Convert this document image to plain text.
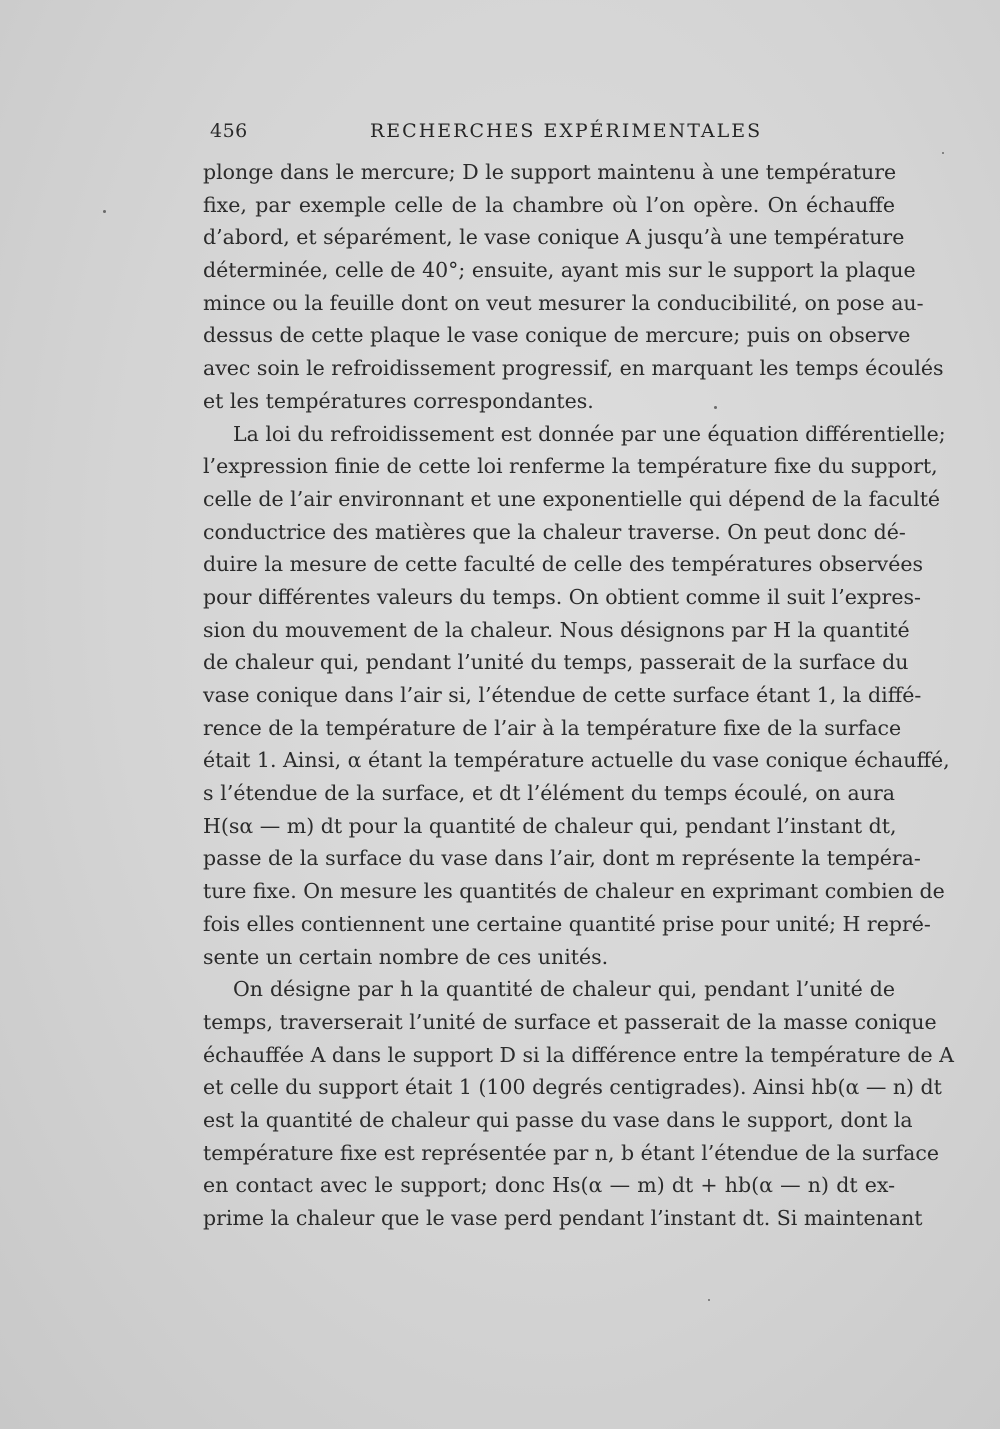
456	RECHERCHES EXPÉRIMENTALES
plonge dans le mercure; D le support maintenu à une température
fixe, par exemple celle de la chambre où l’on opère. On échauffe
d’abord, et séparément, le vase conique A jusqu’à une température
déterminée, celle de 40°; ensuite, ayant mis sur le support la plaque
mince ou la feuille dont on veut mesurer la conducibilité, on pose au-
dessus de cette plaque le vase conique de mercure; puis on observe
avec soin le refroidissement progressif, en marquant les temps écoulés
et les températures correspondantes.
La loi du refroidissement est donnée par une équation différentielle;
l’expression finie de cette loi renferme la température fixe du support,
celle de l’air environnant et une exponentielle qui dépend de la faculté
conductrice des matières que la chaleur traverse. On peut donc dé-
duire la mesure de cette faculté de celle des températures observées
pour différentes valeurs du temps. On obtient comme il suit l’expres-
sion du mouvement de la chaleur. Nous désignons par H la quantité
de chaleur qui, pendant l’unité du temps, passerait de la surface du
vase conique dans l’air si, l’étendue de cette surface étant 1, la diffé-
rence de la température de l’air à la température fixe de la surface
était 1. Ainsi, α étant la température actuelle du vase conique échauffé,
s l’étendue de la surface, et dt l’élément du temps écoulé, on aura
H(sα — m) dt pour la quantité de chaleur qui, pendant l’instant dt,
passe de la surface du vase dans l’air, dont m représente la tempéra-
ture fixe. On mesure les quantités de chaleur en exprimant combien de
fois elles contiennent une certaine quantité prise pour unité; H repré-
sente un certain nombre de ces unités.
On désigne par h la quantité de chaleur qui, pendant l’unité de
temps, traverserait l’unité de surface et passerait de la masse conique
échauffée A dans le support D si la différence entre la température de A
et celle du support était 1 (100 degrés centigrades). Ainsi hb(α — n) dt
est la quantité de chaleur qui passe du vase dans le support, dont la
température fixe est représentée par n, b étant l’étendue de la surface
en contact avec le support; donc Hs(α — m) dt + hb(α — n) dt ex-
prime la chaleur que le vase perd pendant l’instant dt. Si maintenant
